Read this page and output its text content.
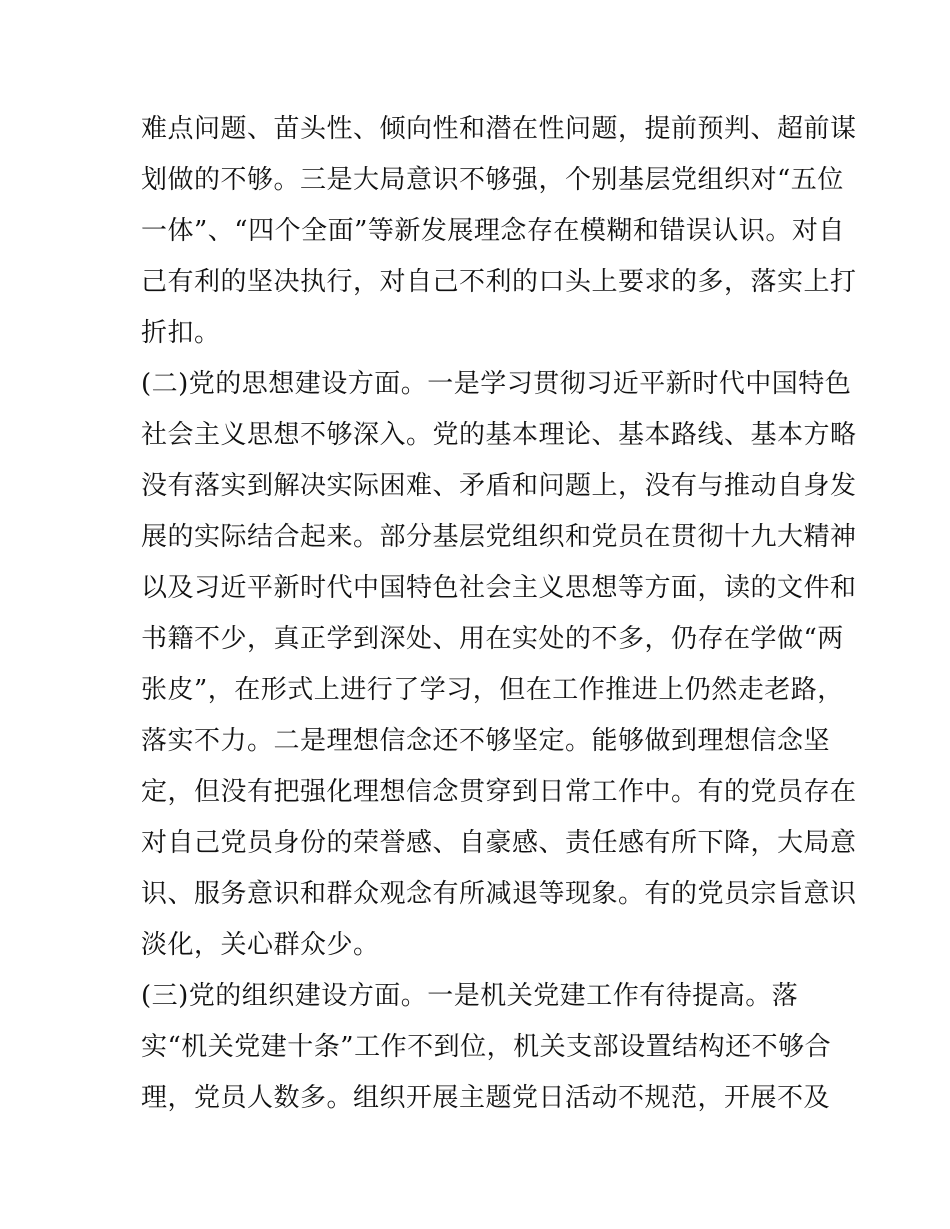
难点问题、苗头性、倾向性和潜在性问题，提前预判、超前谋
划做的不够。三是大局意识不够强，个别基层党组织对“五位
一体”、“四个全面”等新发展理念存在模糊和错误认识。对自
己有利的坚决执行，对自己不利的口头上要求的多，落实上打
折扣。
(二)党的思想建设方面。一是学习贯彻习近平新时代中国特色
社会主义思想不够深入。党的基本理论、基本路线、基本方略
没有落实到解决实际困难、矛盾和问题上，没有与推动自身发
展的实际结合起来。部分基层党组织和党员在贯彻十九大精神
以及习近平新时代中国特色社会主义思想等方面，读的文件和
书籍不少，真正学到深处、用在实处的不多，仍存在学做“两
张皮”，在形式上进行了学习，但在工作推进上仍然走老路，
落实不力。二是理想信念还不够坚定。能够做到理想信念坚
定，但没有把强化理想信念贯穿到日常工作中。有的党员存在
对自己党员身份的荣誉感、自豪感、责任感有所下降，大局意
识、服务意识和群众观念有所减退等现象。有的党员宗旨意识
淡化，关心群众少。
(三)党的组织建设方面。一是机关党建工作有待提高。落
实“机关党建十条”工作不到位，机关支部设置结构还不够合
理，党员人数多。组织开展主题党日活动不规范，开展不及
